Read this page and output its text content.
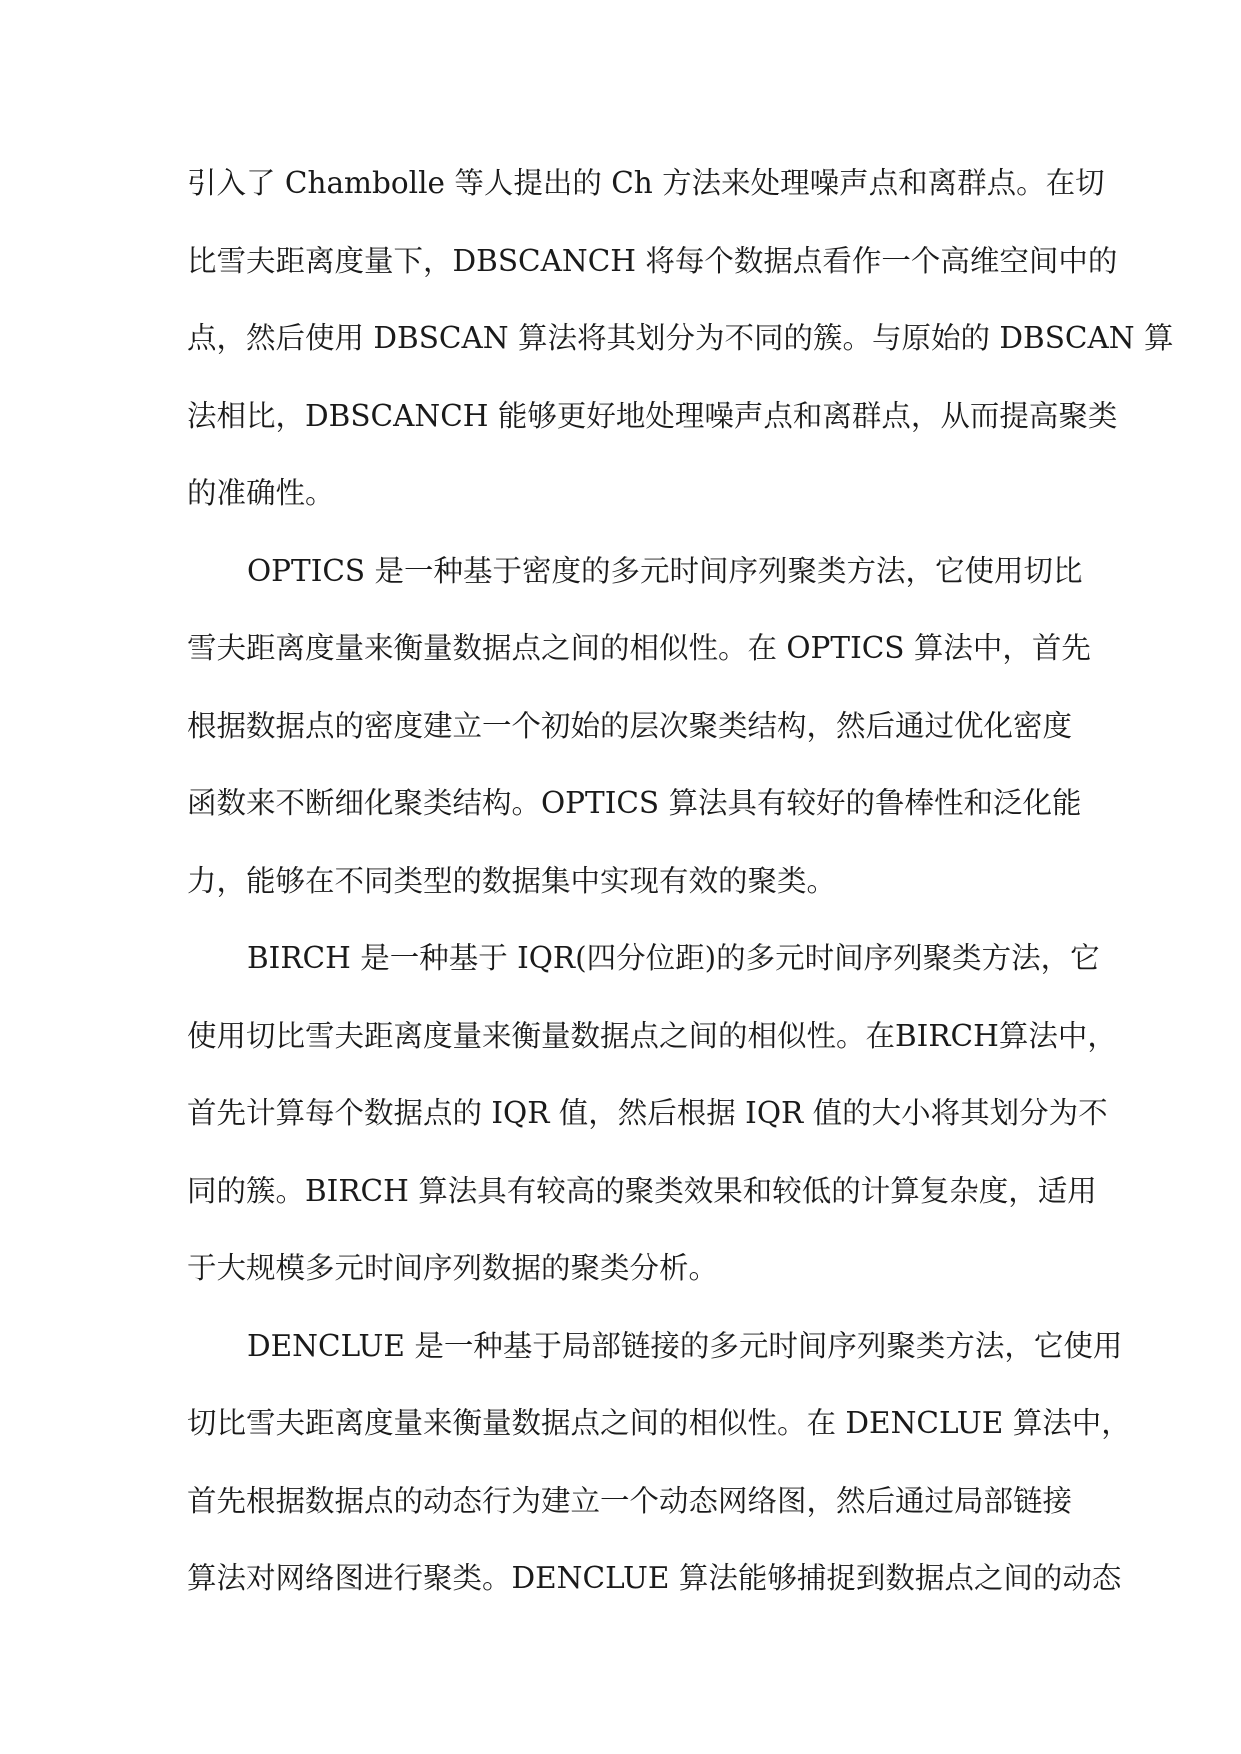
引入了 Chambolle 等人提出的 Ch 方法来处理噪声点和离群点。在切
比雪夫距离度量下，DBSCANCH 将每个数据点看作一个高维空间中的
点，然后使用 DBSCAN 算法将其划分为不同的簇。与原始的 DBSCAN 算
法相比，DBSCANCH 能够更好地处理噪声点和离群点，从而提高聚类
的准确性。
OPTICS 是一种基于密度的多元时间序列聚类方法，它使用切比
雪夫距离度量来衡量数据点之间的相似性。在 OPTICS 算法中，首先
根据数据点的密度建立一个初始的层次聚类结构，然后通过优化密度
函数来不断细化聚类结构。OPTICS 算法具有较好的鲁棒性和泛化能
力，能够在不同类型的数据集中实现有效的聚类。
BIRCH 是一种基于 IQR(四分位距)的多元时间序列聚类方法，它
使用切比雪夫距离度量来衡量数据点之间的相似性。在BIRCH算法中，
首先计算每个数据点的 IQR 值，然后根据 IQR 值的大小将其划分为不
同的簇。BIRCH 算法具有较高的聚类效果和较低的计算复杂度，适用
于大规模多元时间序列数据的聚类分析。
DENCLUE 是一种基于局部链接的多元时间序列聚类方法，它使用
切比雪夫距离度量来衡量数据点之间的相似性。在 DENCLUE 算法中，
首先根据数据点的动态行为建立一个动态网络图，然后通过局部链接
算法对网络图进行聚类。DENCLUE 算法能够捕捉到数据点之间的动态
